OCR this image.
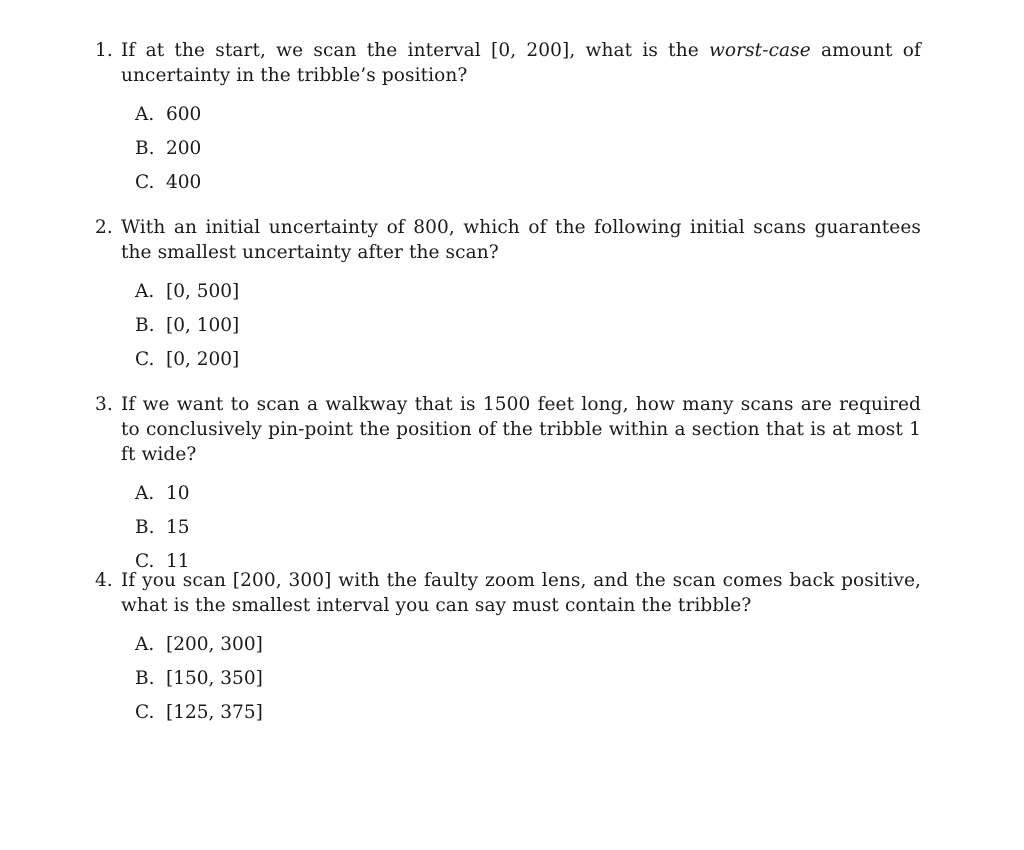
1. If at the start, we scan the interval [0, 200], what is the worst-case amount of uncertainty in the tribble’s position?
A. 600
B. 200
C. 400
2. With an initial uncertainty of 800, which of the following initial scans guarantees the smallest uncertainty after the scan?
A. [0, 500]
B. [0, 100]
C. [0, 200]
3. If we want to scan a walkway that is 1500 feet long, how many scans are required to conclusively pin-point the position of the tribble within a section that is at most 1 ft wide?
A. 10
B. 15
C. 11
4. If you scan [200, 300] with the faulty zoom lens, and the scan comes back positive, what is the smallest interval you can say must contain the tribble?
A. [200, 300]
B. [150, 350]
C. [125, 375]
